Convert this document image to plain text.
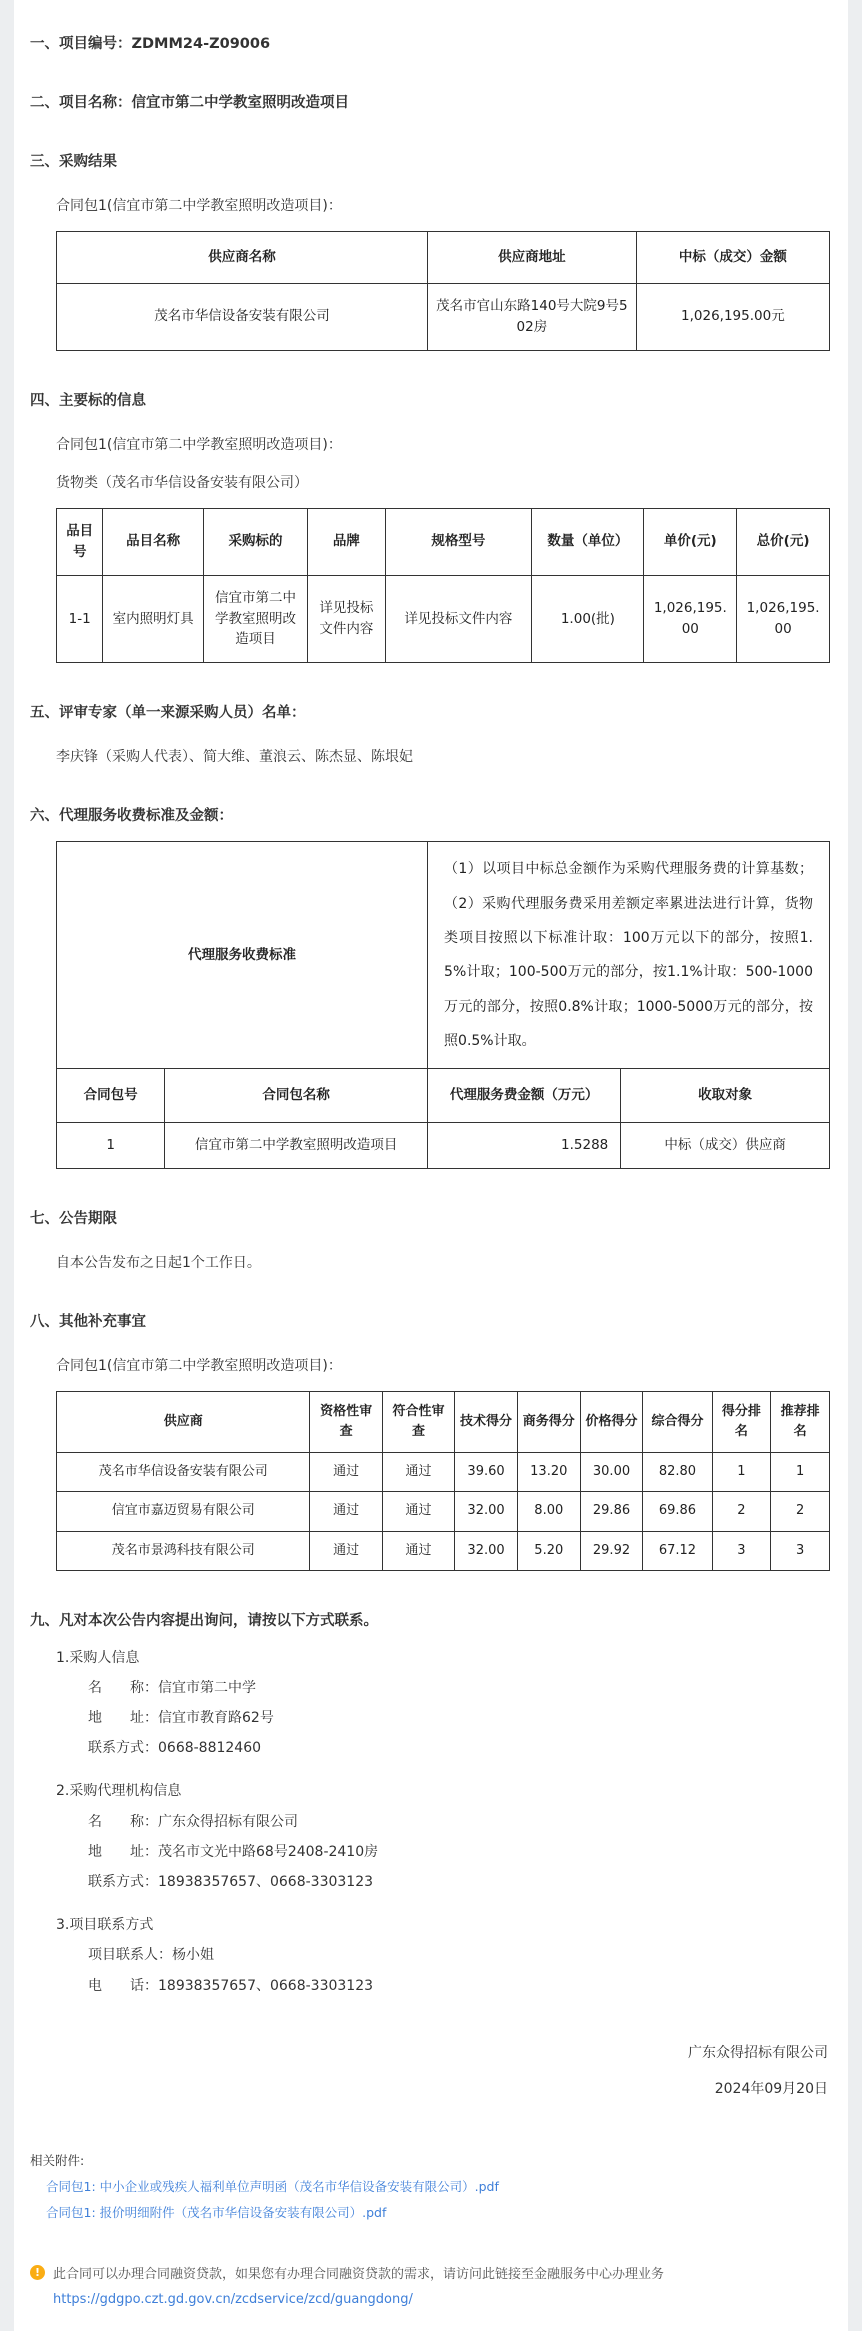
一、项目编号：ZDMM24-Z09006
二、项目名称：信宜市第二中学教室照明改造项目
三、采购结果
合同包1(信宜市第二中学教室照明改造项目)：
供应商名称	供应商地址	中标（成交）金额
茂名市华信设备安装有限公司	茂名市官山东路140号大院9号502房	1,026,195.00元
四、主要标的信息
合同包1(信宜市第二中学教室照明改造项目)：
货物类（茂名市华信设备安装有限公司）
品目号	品目名称	采购标的	品牌	规格型号	数量（单位）	单价(元)	总价(元)
1-1	室内照明灯具	信宜市第二中学教室照明改造项目	详见投标文件内容	详见投标文件内容	1.00(批)	1,026,195.00	1,026,195.00
五、评审专家（单一来源采购人员）名单：
李庆锋（采购人代表）、简大维、董浪云、陈杰显、陈垠妃
六、代理服务收费标准及金额：
代理服务收费标准		（1）以项目中标总金额作为采购代理服务费的计算基数；（2）采购代理服务费采用差额定率累进法进行计算，货物类项目按照以下标准计取：100万元以下的部分，按照1.5%计取；100-500万元的部分，按1.1%计取：500-1000万元的部分，按照0.8%计取；1000-5000万元的部分，按照0.5%计取。	
合同包号	合同包名称	代理服务费金额（万元）	收取对象
1	信宜市第二中学教室照明改造项目	1.5288	中标（成交）供应商
七、公告期限
自本公告发布之日起1个工作日。
八、其他补充事宜
合同包1(信宜市第二中学教室照明改造项目)：
供应商	资格性审查	符合性审查	技术得分	商务得分	价格得分	综合得分	得分排名	推荐排名
茂名市华信设备安装有限公司	通过	通过	39.60	13.20	30.00	82.80	1	1
信宜市嘉迈贸易有限公司	通过	通过	32.00	8.00	29.86	69.86	2	2
茂名市景鸿科技有限公司	通过	通过	32.00	5.20	29.92	67.12	3	3
九、凡对本次公告内容提出询问，请按以下方式联系。
1.采购人信息
名　　称：信宜市第二中学
地　　址：信宜市教育路62号
联系方式：0668-8812460
2.采购代理机构信息
名　　称：广东众得招标有限公司
地　　址：茂名市文光中路68号2408-2410房
联系方式：18938357657、0668-3303123
3.项目联系方式
项目联系人：杨小姐
电　　话：18938357657、0668-3303123
广东众得招标有限公司
2024年09月20日
相关附件:
合同包1: 中小企业或残疾人福利单位声明函（茂名市华信设备安装有限公司）.pdf
合同包1: 报价明细附件（茂名市华信设备安装有限公司）.pdf
! 此合同可以办理合同融资贷款，如果您有办理合同融资贷款的需求，请访问此链接至金融服务中心办理业务
https://gdgpo.czt.gd.gov.cn/zcdservice/zcd/guangdong/
